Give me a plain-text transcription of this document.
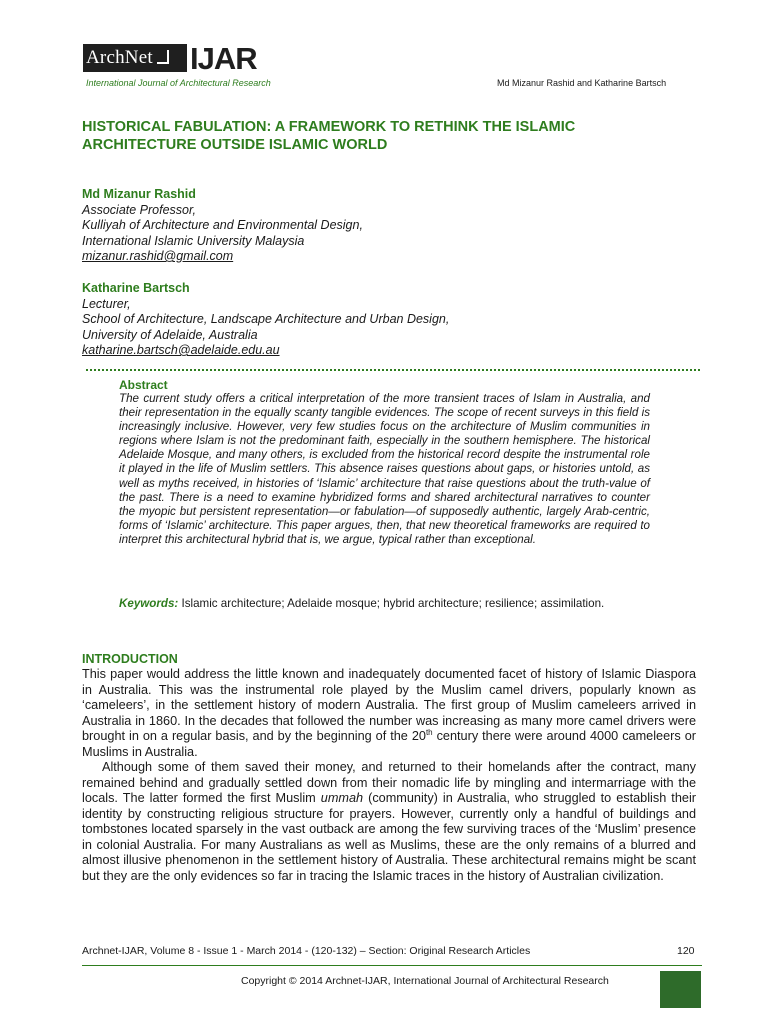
ArchNet	IJAR
International Journal of Architectural Research	Md Mizanur Rashid and Katharine Bartsch
HISTORICAL FABULATION: A FRAMEWORK TO RETHINK THE ISLAMIC ARCHITECTURE OUTSIDE ISLAMIC WORLD
Md Mizanur Rashid
Associate Professor,
Kulliyah of Architecture and Environmental Design,
International Islamic University Malaysia
mizanur.rashid@gmail.com
Katharine Bartsch
Lecturer,
School of Architecture, Landscape Architecture and Urban Design,
University of Adelaide, Australia
katharine.bartsch@adelaide.edu.au
Abstract

The current study offers a critical interpretation of the more transient traces of Islam in Australia, and their representation in the equally scanty tangible evidences. The scope of recent surveys in this field is increasingly inclusive. However, very few studies focus on the architecture of Muslim communities in regions where Islam is not the predominant faith, especially in the southern hemisphere. The historical Adelaide Mosque, and many others, is excluded from the historical record despite the instrumental role it played in the life of Muslim settlers. This absence raises questions about gaps, or histories untold, as well as myths received, in histories of ‘Islamic’ architecture that raise questions about the truth-value of the past. There is a need to examine hybridized forms and shared architectural narratives to counter the myopic but persistent representation—or fabulation—of supposedly authentic, largely Arab-centric, forms of ‘Islamic’ architecture. This paper argues, then, that new theoretical frameworks are required to interpret this architectural hybrid that is, we argue, typical rather than exceptional.

Keywords: Islamic architecture; Adelaide mosque; hybrid architecture; resilience; assimilation.
INTRODUCTION

This paper would address the little known and inadequately documented facet of history of Islamic Diaspora in Australia. This was the instrumental role played by the Muslim camel drivers, popularly known as ‘cameleers’, in the settlement history of modern Australia. The first group of Muslim cameleers arrived in Australia in 1860. In the decades that followed the number was increasing as many more camel drivers were brought in on a regular basis, and by the beginning of the 20th century there were around 4000 cameleers or Muslims in Australia.

Although some of them saved their money, and returned to their homelands after the contract, many remained behind and gradually settled down from their nomadic life by mingling and intermarriage with the locals. The latter formed the first Muslim ummah (community) in Australia, who struggled to establish their identity by constructing religious structure for prayers. However, currently only a handful of buildings and tombstones located sparsely in the vast outback are among the few surviving traces of the ‘Muslim’ presence in colonial Australia. For many Australians as well as Muslims, these are the only remains of a blurred and almost illusive phenomenon in the settlement history of Australia. These architectural remains might be scant but they are the only evidences so far in tracing the Islamic traces in the history of Australian civilization.

Archnet-IJAR, Volume 8 - Issue 1 - March 2014 - (120-132) – Section: Original Research Articles	120
Copyright © 2014 Archnet-IJAR, International Journal of Architectural Research
